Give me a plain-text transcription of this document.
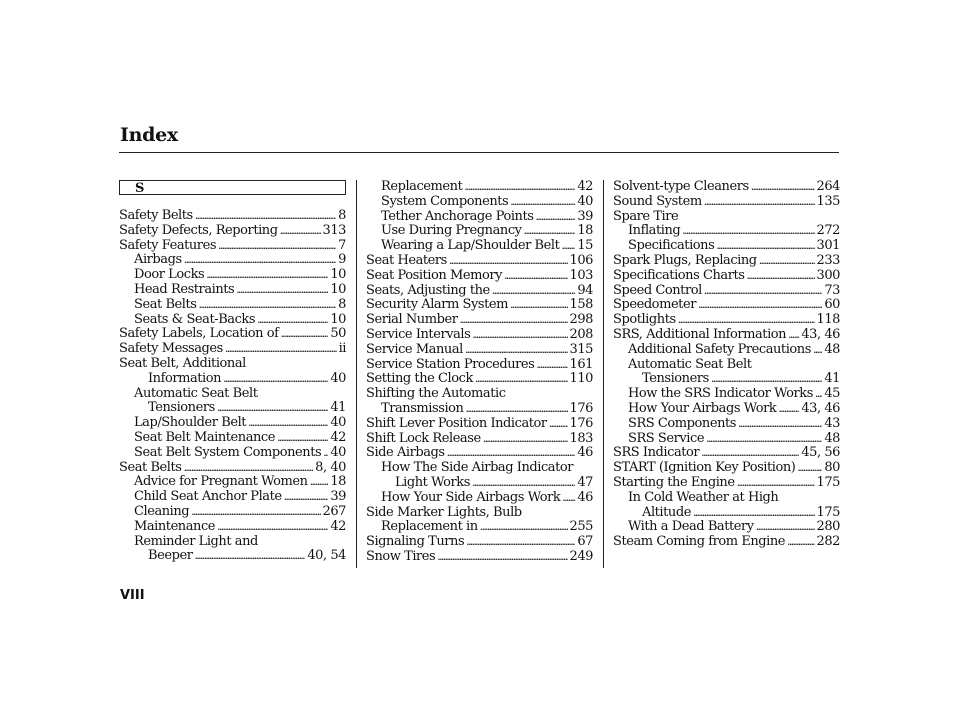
Index
S
Safety Belts . . .	8
Safety Defects, Reporting . . .	313
Safety Features . . .	7
Airbags . . .	9
Door Locks . . .	10
Head Restraints . . .	10
Seat Belts . . .	8
Seats & Seat-Backs . . .	10
Safety Labels, Location of . . .	50
Safety Messages . . .	ii
Seat Belt, Additional
Information . . .	40
Automatic Seat Belt
Tensioners . . .	41
Lap/Shoulder Belt . . .	40
Seat Belt Maintenance . . .	42
Seat Belt System Components . . . 40
Seat Belts . . .	8, 40
Advice for Pregnant Women . . . 18
Child Seat Anchor Plate . . .	39
Cleaning . . .	267
Maintenance . . .	42
Reminder Light and
Beeper . . .	40, 54
Replacement . . .	42
System Components . . .	40
Tether Anchorage Points . . .	39
Use During Pregnancy . . .	18
Wearing a Lap/Shoulder Belt . . . 15
Seat Heaters . . .	106
Seat Position Memory . . .	103
Seats, Adjusting the . . .	94
Security Alarm System . . .	158
Serial Number . . .	298
Service Intervals . . .	208
Service Manual . . .	315
Service Station Procedures . . .	161
Setting the Clock . . .	110
Shifting the Automatic
Transmission . . .	176
Shift Lever Position Indicator . . . 176
Shift Lock Release . . .	183
Side Airbags . . .	46
How The Side Airbag Indicator
Light Works . . .	47
How Your Side Airbags Work . . . 46
Side Marker Lights, Bulb
Replacement in . . .	255
Signaling Turns . . .	67
Snow Tires . . .	249
Solvent-type Cleaners . . .	264
Sound System . . .	135
Spare Tire
Inflating . . .	272
Specifications . . .	301
Spark Plugs, Replacing . . .	233
Specifications Charts . . .	300
Speed Control . . .	73
Speedometer . . .	60
Spotlights . . .	118
SRS, Additional Information . . . 43, 46
Additional Safety Precautions . . . 48
Automatic Seat Belt
Tensioners . . .	41
How the SRS Indicator Works . . . 45
How Your Airbags Work . . . 43, 46
SRS Components . . .	43
SRS Service . . .	48
SRS Indicator . . .	45, 56
START (Ignition Key Position) . . . 80
Starting the Engine . . .	175
In Cold Weather at High
Altitude . . .	175
With a Dead Battery . . .	280
Steam Coming from Engine . . . 282
VIII
